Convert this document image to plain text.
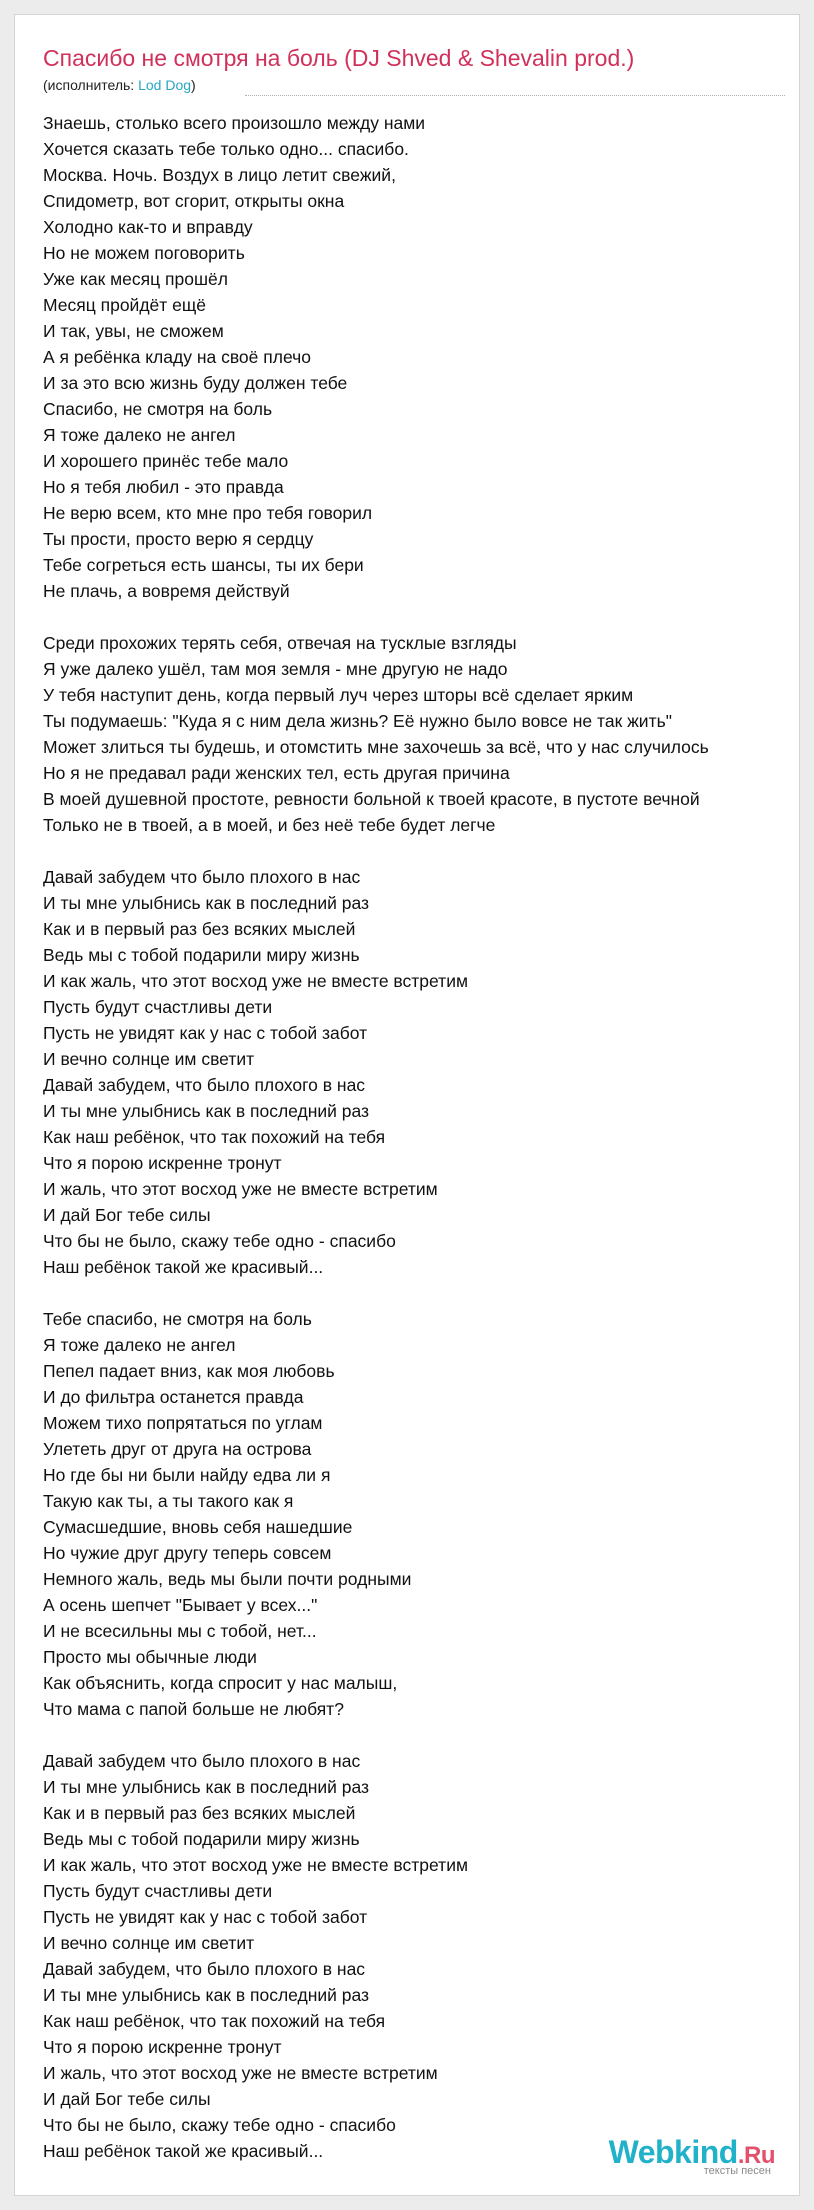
Спасибо не смотря на боль (DJ Shved & Shevalin prod.)
(исполнитель: Lod Dog)
Знаешь, столько всего произошло между нами
Хочется сказать тебе только одно... спасибо.
Москва. Ночь. Воздух в лицо летит свежий,
Спидометр, вот сгорит, открыты окна
Холодно как-то и вправду
Но не можем поговорить
Уже как месяц прошёл
Месяц пройдёт ещё
И так, увы, не сможем
А я ребёнка кладу на своё плечо
И за это всю жизнь буду должен тебе
Спасибо, не смотря на боль
Я тоже далеко не ангел
И хорошего принёс тебе мало
Но я тебя любил - это правда
Не верю всем, кто мне про тебя говорил
Ты прости, просто верю я сердцу
Тебе согреться есть шансы, ты их бери
Не плачь, а вовремя действуй
Среди прохожих терять себя, отвечая на тусклые взгляды
Я уже далеко ушёл, там моя земля - мне другую не надо
У тебя наступит день, когда первый луч через шторы всё сделает ярким
Ты подумаешь: "Куда я с ним дела жизнь? Её нужно было вовсе не так жить"
Может злиться ты будешь, и отомстить мне захочешь за всё, что у нас случилось
Но я не предавал ради женских тел, есть другая причина
В моей душевной простоте, ревности больной к твоей красоте, в пустоте вечной
Только не в твоей, а в моей, и без неё тебе будет легче
Давай забудем что было плохого в нас
И ты мне улыбнись как в последний раз
Как и в первый раз без всяких мыслей
Ведь мы с тобой подарили миру жизнь
И как жаль, что этот восход уже не вместе встретим
Пусть будут счастливы дети
Пусть не увидят как у нас с тобой забот
И вечно солнце им светит
Давай забудем, что было плохого в нас
И ты мне улыбнись как в последний раз
Как наш ребёнок, что так похожий на тебя
Что я порою искренне тронут
И жаль, что этот восход уже не вместе встретим
И дай Бог тебе силы
Что бы не было, скажу тебе одно - спасибо
Наш ребёнок такой же красивый...
Тебе спасибо, не смотря на боль
Я тоже далеко не ангел
Пепел падает вниз, как моя любовь
И до фильтра останется правда
Можем тихо попрятаться по углам
Улететь друг от друга на острова
Но где бы ни были найду едва ли я
Такую как ты, а ты такого как я
Сумасшедшие, вновь себя нашедшие
Но чужие друг другу теперь совсем
Немного жаль, ведь мы были почти родными
А осень шепчет "Бывает у всех..."
И не всесильны мы с тобой, нет...
Просто мы обычные люди
Как объяснить, когда спросит у нас малыш,
Что мама с папой больше не любят?
Давай забудем что было плохого в нас
И ты мне улыбнись как в последний раз
Как и в первый раз без всяких мыслей
Ведь мы с тобой подарили миру жизнь
И как жаль, что этот восход уже не вместе встретим
Пусть будут счастливы дети
Пусть не увидят как у нас с тобой забот
И вечно солнце им светит
Давай забудем, что было плохого в нас
И ты мне улыбнись как в последний раз
Как наш ребёнок, что так похожий на тебя
Что я порою искренне тронут
И жаль, что этот восход уже не вместе встретим
И дай Бог тебе силы
Что бы не было, скажу тебе одно - спасибо
Наш ребёнок такой же красивый...	Webkind.Ru
тексты песен
